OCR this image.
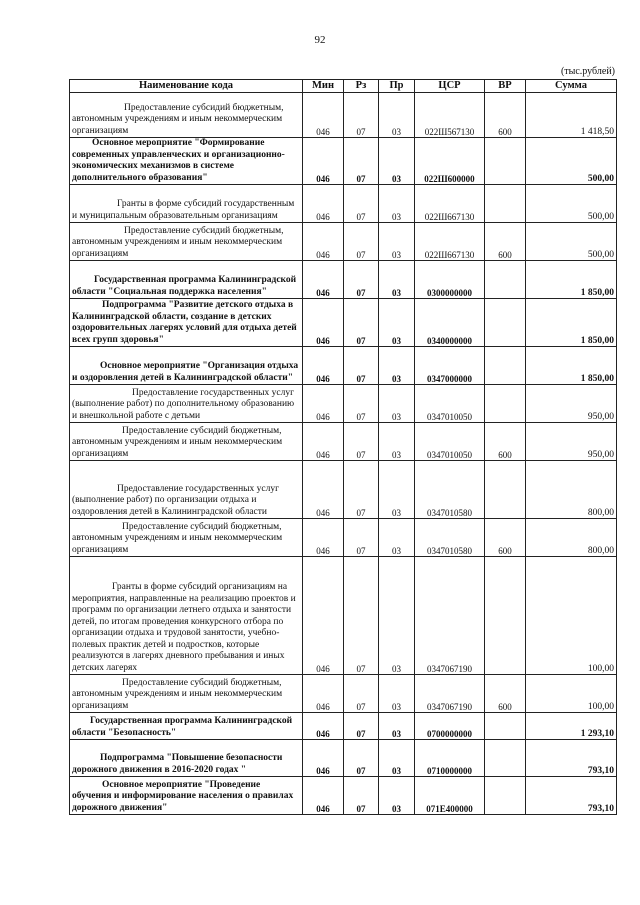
92
(тыс.рублей)
Наименование кода	Мин	Рз	Пр	ЦСР	ВР	Сумма
Предоставление субсидий бюджетным, автономным учреждениям и иным некоммерческим организациям	046	07	03	022Ш567130	600	1 418,50
Основное мероприятие "Формирование современных управленческих и организационно-экономических механизмов в системе дополнительного образования"	046	07	03	022Ш600000		500,00
Гранты в форме субсидий государственным и муниципальным образовательным организациям	046	07	03	022Ш667130		500,00
Предоставление субсидий бюджетным, автономным учреждениям и иным некоммерческим организациям	046	07	03	022Ш667130	600	500,00
Государственная программа Калининградской области "Социальная поддержка населения"	046	07	03	0300000000		1 850,00
Подпрограмма "Развитие детского отдыха в Калининградской области, создание в детских оздоровительных лагерях условий для отдыха детей всех групп здоровья"	046	07	03	0340000000		1 850,00
Основное мероприятие "Организация отдыха и оздоровления детей в Калининградской области"	046	07	03	0347000000		1 850,00
Предоставление государственных услуг (выполнение работ) по дополнительному образованию и внешкольной работе с детьми	046	07	03	0347010050		950,00
Предоставление субсидий бюджетным, автономным учреждениям и иным некоммерческим организациям	046	07	03	0347010050	600	950,00
Предоставление государственных услуг (выполнение работ) по организации отдыха и оздоровления детей в Калининградской области	046	07	03	0347010580		800,00
Предоставление субсидий бюджетным, автономным учреждениям и иным некоммерческим организациям	046	07	03	0347010580	600	800,00
Гранты в форме субсидий организациям на мероприятия, направленные на реализацию проектов и программ по организации летнего отдыха и занятости детей, по итогам проведения конкурсного отбора по организации отдыха и трудовой занятости, учебно-полевых практик детей и подростков, которые реализуются в лагерях дневного пребывания и иных детских лагерях	046	07	03	0347067190		100,00
Предоставление субсидий бюджетным, автономным учреждениям и иным некоммерческим организациям	046	07	03	0347067190	600	100,00
Государственная программа Калининградской области "Безопасность"	046	07	03	0700000000		1 293,10
Подпрограмма "Повышение безопасности дорожного движения в 2016-2020 годах "	046	07	03	0710000000		793,10
Основное мероприятие "Проведение обучения и информирование населения о правилах дорожного движения"	046	07	03	071E400000		793,10
